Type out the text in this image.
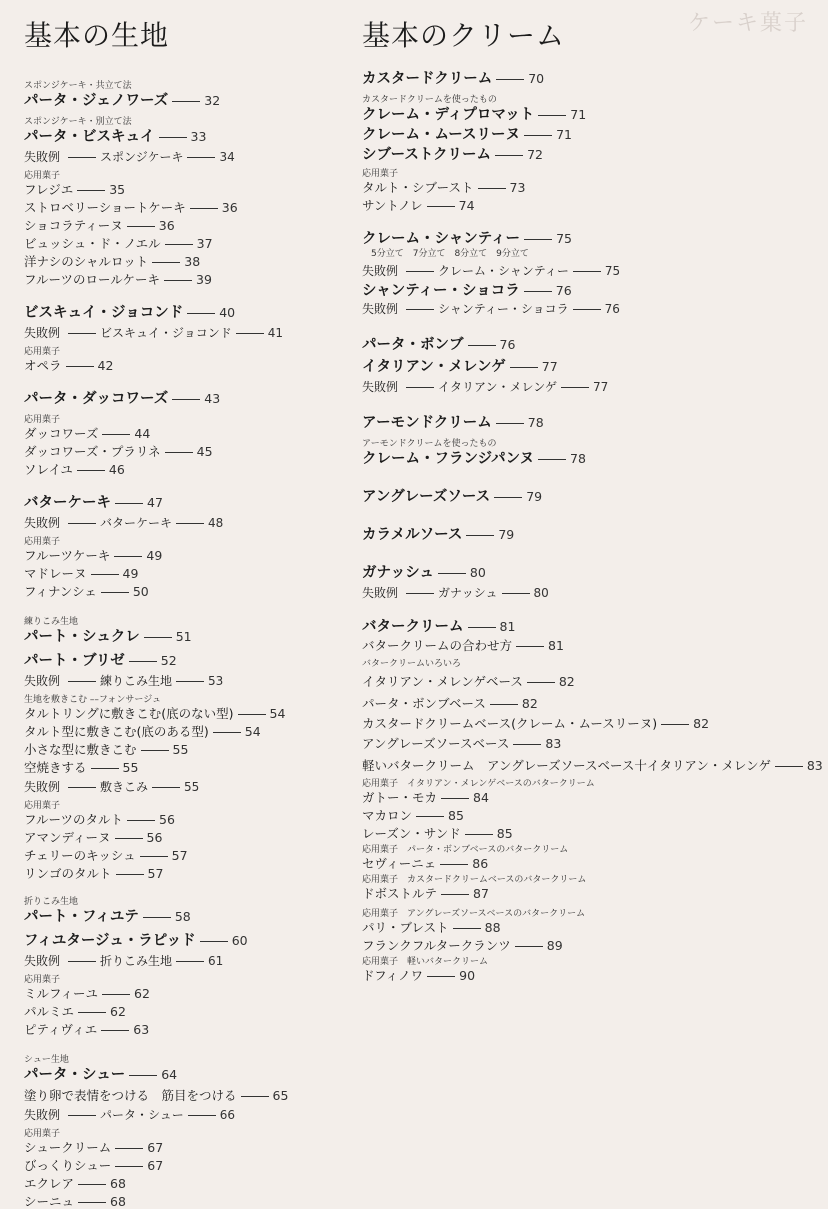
ケーキ菓子
基本の生地
スポンジケーキ・共立て法
パータ・ジェノワーズ	32
スポンジケーキ・別立て法
パータ・ビスキュイ	33
失敗例	スポンジケーキ	34
応用菓子
フレジエ	35
ストロベリーショートケーキ	36
ショコラティーヌ	36
ビュッシュ・ド・ノエル	37
洋ナシのシャルロット	38
フルーツのロールケーキ	39
ビスキュイ・ジョコンド	40
失敗例	ビスキュイ・ジョコンド	41
応用菓子
オペラ	42
パータ・ダッコワーズ	43
応用菓子
ダッコワーズ	44
ダッコワーズ・プラリネ	45
ソレイユ	46
バターケーキ	47
失敗例	バターケーキ	48
応用菓子
フルーツケーキ	49
マドレーヌ	49
フィナンシェ	50
練りこみ生地
パート・シュクレ	51
パート・ブリゼ	52
失敗例	練りこみ生地	53
生地を敷きこむ ––フォンサージュ
タルトリングに敷きこむ(底のない型)	54
タルト型に敷きこむ(底のある型)	54
小さな型に敷きこむ	55
空焼きする	55
失敗例	敷きこみ	55
応用菓子
フルーツのタルト	56
アマンディーヌ	56
チェリーのキッシュ	57
リンゴのタルト	57
折りこみ生地
パート・フィユテ	58
フィユタージュ・ラピッド	60
失敗例	折りこみ生地	61
応用菓子
ミルフィーユ	62
パルミエ	62
ピティヴィエ	63
シュー生地
パータ・シュー	64
塗り卵で表情をつける　筋目をつける	65
失敗例	パータ・シュー	66
応用菓子
シュークリーム	67
びっくりシュー	67
エクレア	68
シーニュ	68
基本のクリーム
カスタードクリーム	70
カスタードクリームを使ったもの
クレーム・ディプロマット	71
クレーム・ムースリーヌ	71
シブーストクリーム	72
応用菓子
タルト・シブースト	73
サントノレ	74
クレーム・シャンティー	75
　5分立て　7分立て　8分立て　9分立て
失敗例	クレーム・シャンティー	75
シャンティー・ショコラ	76
失敗例	シャンティー・ショコラ	76
パータ・ボンブ	76
イタリアン・メレンゲ	77
失敗例	イタリアン・メレンゲ	77
アーモンドクリーム	78
アーモンドクリームを使ったもの
クレーム・フランジパンヌ	78
アングレーズソース	79
カラメルソース	79
ガナッシュ	80
失敗例	ガナッシュ	80
バタークリーム	81
バタークリームの合わせ方	81
バタークリームいろいろ
イタリアン・メレンゲベース	82
パータ・ボンブベース	82
カスタードクリームベース(クレーム・ムースリーヌ)	82
アングレーズソースベース	83
軽いバタークリーム　アングレーズソースベース十イタリアン・メレンゲ	83
応用菓子　イタリアン・メレンゲベースのバタークリーム
ガトー・モカ	84
マカロン	85
レーズン・サンド	85
応用菓子　パータ・ボンブベースのバタークリーム
セヴィーニェ	86
応用菓子　カスタードクリームベースのバタークリーム
ドボストルテ	87
応用菓子　アングレーズソースベースのバタークリーム
パリ・ブレスト	88
フランクフルタークランツ	89
応用菓子　軽いバタークリーム
ドフィノワ	90
